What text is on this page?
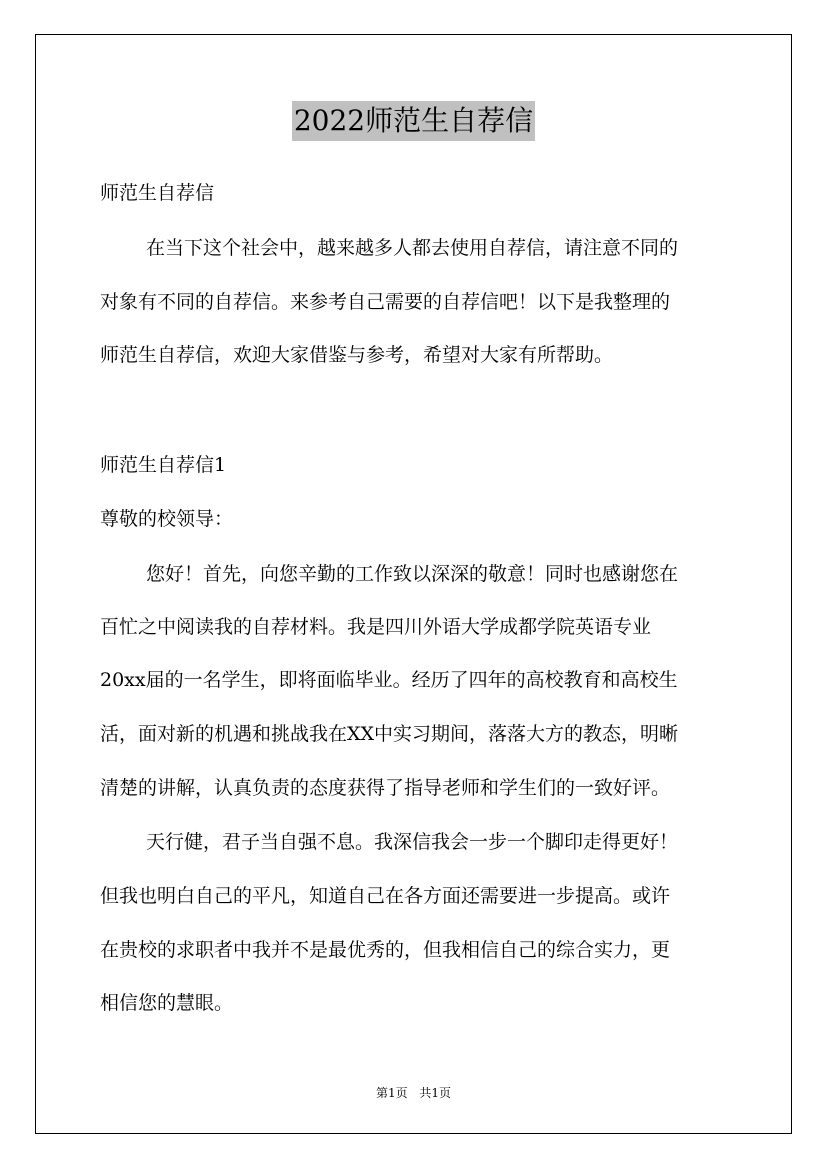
2022师范生自荐信
师范生自荐信
在当下这个社会中，越来越多人都去使用自荐信，请注意不同的
对象有不同的自荐信。来参考自己需要的自荐信吧！以下是我整理的
师范生自荐信，欢迎大家借鉴与参考，希望对大家有所帮助。
师范生自荐信1
尊敬的校领导：
您好！首先，向您辛勤的工作致以深深的敬意！同时也感谢您在
百忙之中阅读我的自荐材料。我是四川外语大学成都学院英语专业
20xx届的一名学生，即将面临毕业。经历了四年的高校教育和高校生
活，面对新的机遇和挑战我在XX中实习期间，落落大方的教态，明晰
清楚的讲解，认真负责的态度获得了指导老师和学生们的一致好评。
天行健，君子当自强不息。我深信我会一步一个脚印走得更好！
但我也明白自己的平凡，知道自己在各方面还需要进一步提高。或许
在贵校的求职者中我并不是最优秀的，但我相信自己的综合实力，更
相信您的慧眼。
第1页 共1页
